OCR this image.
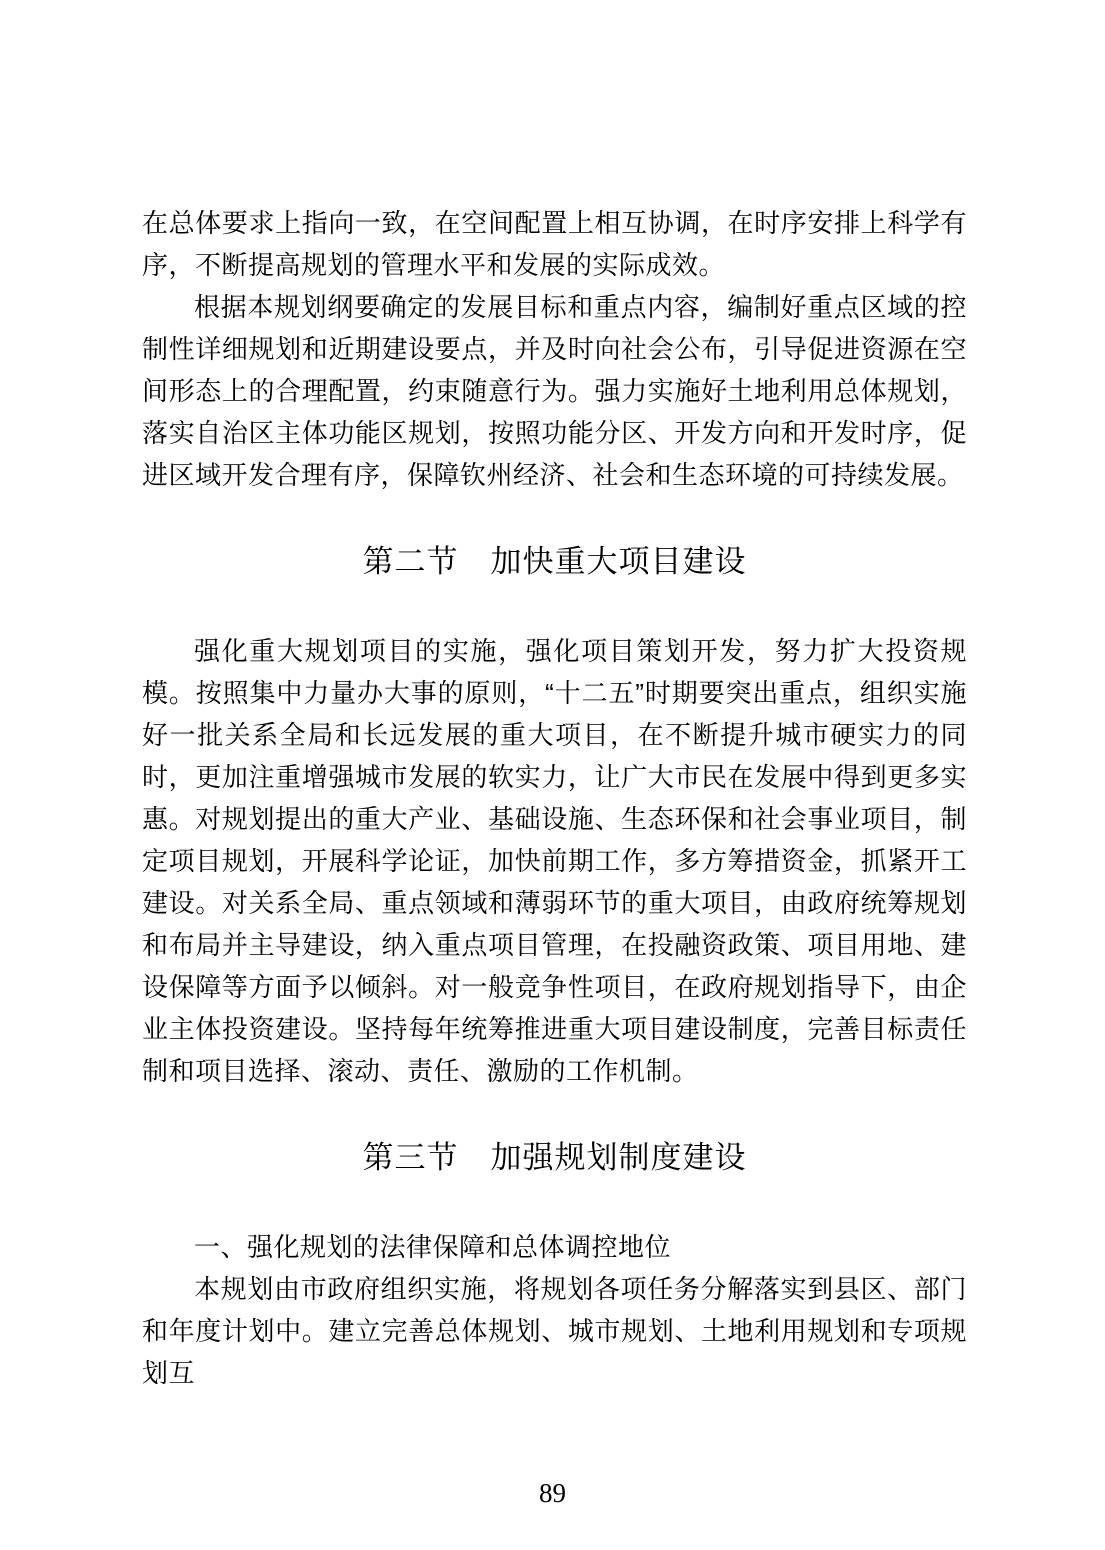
在总体要求上指向一致，在空间配置上相互协调，在时序安排上科学有序，不断提高规划的管理水平和发展的实际成效。

根据本规划纲要确定的发展目标和重点内容，编制好重点区域的控制性详细规划和近期建设要点，并及时向社会公布，引导促进资源在空间形态上的合理配置，约束随意行为。强力实施好土地利用总体规划，落实自治区主体功能区规划，按照功能分区、开发方向和开发时序，促进区域开发合理有序，保障钦州经济、社会和生态环境的可持续发展。

第二节　加快重大项目建设

强化重大规划项目的实施，强化项目策划开发，努力扩大投资规模。按照集中力量办大事的原则，“十二五”时期要突出重点，组织实施好一批关系全局和长远发展的重大项目，在不断提升城市硬实力的同时，更加注重增强城市发展的软实力，让广大市民在发展中得到更多实惠。对规划提出的重大产业、基础设施、生态环保和社会事业项目，制定项目规划，开展科学论证，加快前期工作，多方筹措资金，抓紧开工建设。对关系全局、重点领域和薄弱环节的重大项目，由政府统筹规划和布局并主导建设，纳入重点项目管理，在投融资政策、项目用地、建设保障等方面予以倾斜。对一般竞争性项目，在政府规划指导下，由企业主体投资建设。坚持每年统筹推进重大项目建设制度，完善目标责任制和项目选择、滚动、责任、激励的工作机制。

第三节　加强规划制度建设
一、强化规划的法律保障和总体调控地位

本规划由市政府组织实施，将规划各项任务分解落实到县区、部门和年度计划中。建立完善总体规划、城市规划、土地利用规划和专项规划互

89
